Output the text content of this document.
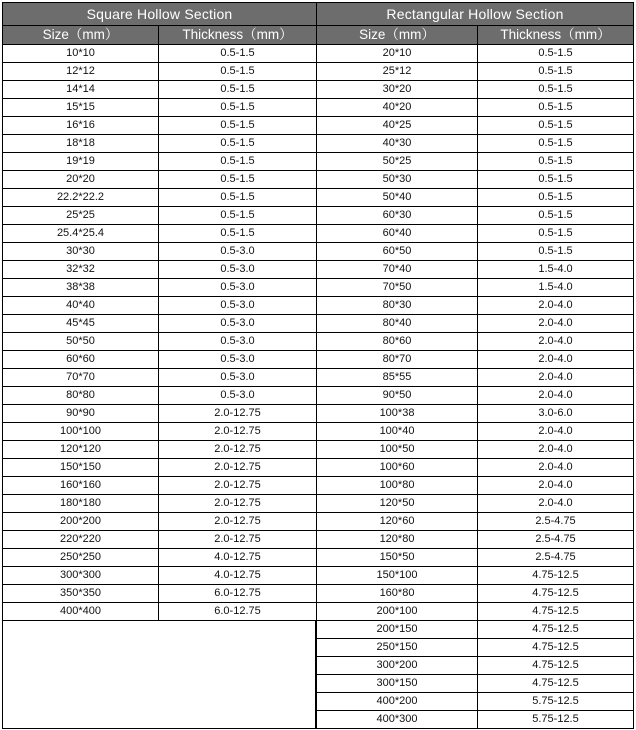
Square Hollow Section	
Size（mm）	Thickness（mm）
10*10	0.5-1.5
12*12	0.5-1.5
14*14	0.5-1.5
15*15	0.5-1.5
16*16	0.5-1.5
18*18	0.5-1.5
19*19	0.5-1.5
20*20	0.5-1.5
22.2*22.2	0.5-1.5
25*25	0.5-1.5
25.4*25.4	0.5-1.5
30*30	0.5-3.0
32*32	0.5-3.0
38*38	0.5-3.0
40*40	0.5-3.0
45*45	0.5-3.0
50*50	0.5-3.0
60*60	0.5-3.0
70*70	0.5-3.0
80*80	0.5-3.0
90*90	2.0-12.75
100*100	2.0-12.75
120*120	2.0-12.75
150*150	2.0-12.75
160*160	2.0-12.75
180*180	2.0-12.75
200*200	2.0-12.75
220*220	2.0-12.75
250*250	4.0-12.75
300*300	4.0-12.75
350*350	6.0-12.75
400*400	6.0-12.75
Rectangular Hollow Section	
Size（mm）	Thickness（mm）
20*10	0.5-1.5
25*12	0.5-1.5
30*20	0.5-1.5
40*20	0.5-1.5
40*25	0.5-1.5
40*30	0.5-1.5
50*25	0.5-1.5
50*30	0.5-1.5
50*40	0.5-1.5
60*30	0.5-1.5
60*40	0.5-1.5
60*50	0.5-1.5
70*40	1.5-4.0
70*50	1.5-4.0
80*30	2.0-4.0
80*40	2.0-4.0
80*60	2.0-4.0
80*70	2.0-4.0
85*55	2.0-4.0
90*50	2.0-4.0
100*38	3.0-6.0
100*40	2.0-4.0
100*50	2.0-4.0
100*60	2.0-4.0
100*80	2.0-4.0
120*50	2.0-4.0
120*60	2.5-4.75
120*80	2.5-4.75
150*50	2.5-4.75
150*100	4.75-12.5
160*80	4.75-12.5
200*100	4.75-12.5
200*150	4.75-12.5
250*150	4.75-12.5
300*200	4.75-12.5
300*150	4.75-12.5
400*200	5.75-12.5
400*300	5.75-12.5
